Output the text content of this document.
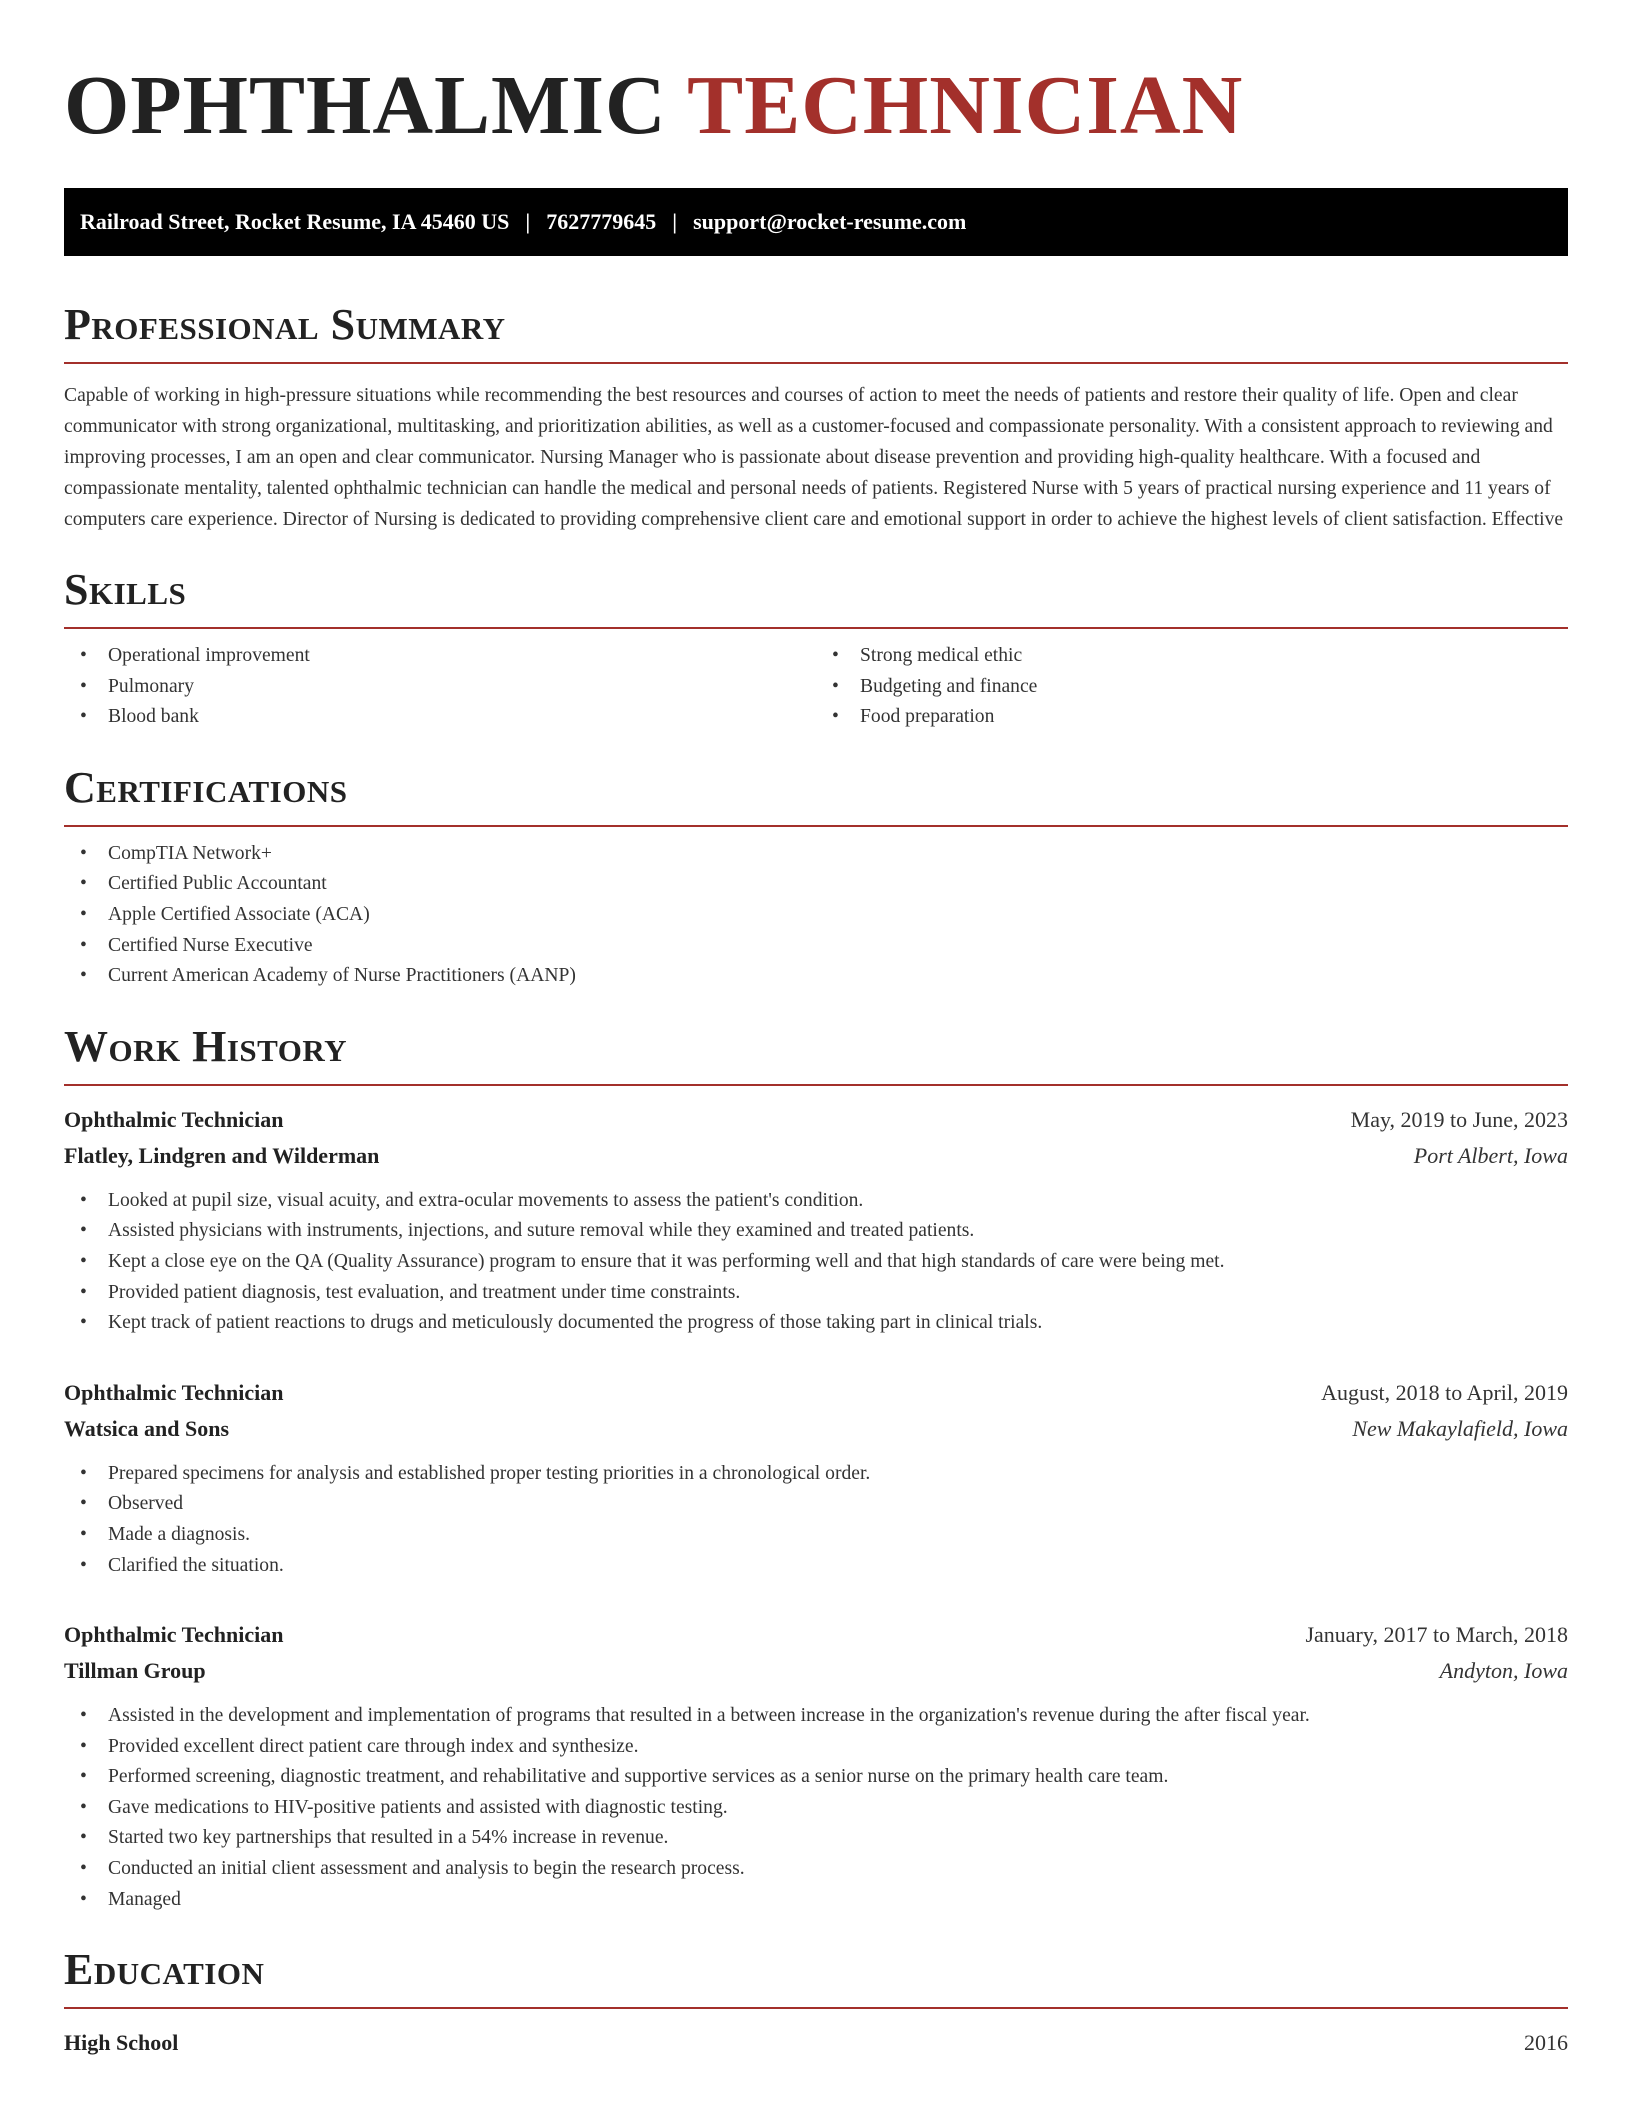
OPHTHALMIC TECHNICIAN
Railroad Street, Rocket Resume, IA 45460 US | 7627779645 | support@rocket-resume.com
Professional Summary

Capable of working in high-pressure situations while recommending the best resources and courses of action to meet the needs of patients and restore their quality of life. Open and clear communicator with strong organizational, multitasking, and prioritization abilities, as well as a customer-focused and compassionate personality. With a consistent approach to reviewing and improving processes, I am an open and clear communicator. Nursing Manager who is passionate about disease prevention and providing high-quality healthcare. With a focused and compassionate mentality, talented ophthalmic technician can handle the medical and personal needs of patients. Registered Nurse with 5 years of practical nursing experience and 11 years of computers care experience. Director of Nursing is dedicated to providing comprehensive client care and emotional support in order to achieve the highest levels of client satisfaction. Effective

Skills
• Operational improvement
• Pulmonary
• Blood bank
• Strong medical ethic
• Budgeting and finance
• Food preparation
Certifications
• CompTIA Network+
• Certified Public Accountant
• Apple Certified Associate (ACA)
• Certified Nurse Executive
• Current American Academy of Nurse Practitioners (AANP)
Work History
Ophthalmic Technician	May, 2019 to June, 2023
Flatley, Lindgren and Wilderman	Port Albert, Iowa
• Looked at pupil size, visual acuity, and extra-ocular movements to assess the patient's condition.
• Assisted physicians with instruments, injections, and suture removal while they examined and treated patients.
• Kept a close eye on the QA (Quality Assurance) program to ensure that it was performing well and that high standards of care were being met.
• Provided patient diagnosis, test evaluation, and treatment under time constraints.
• Kept track of patient reactions to drugs and meticulously documented the progress of those taking part in clinical trials.
Ophthalmic Technician	August, 2018 to April, 2019
Watsica and Sons	New Makaylafield, Iowa
• Prepared specimens for analysis and established proper testing priorities in a chronological order.
• Observed
• Made a diagnosis.
• Clarified the situation.
Ophthalmic Technician	January, 2017 to March, 2018
Tillman Group	Andyton, Iowa
• Assisted in the development and implementation of programs that resulted in a between increase in the organization's revenue during the after fiscal year.
• Provided excellent direct patient care through index and synthesize.
• Performed screening, diagnostic treatment, and rehabilitative and supportive services as a senior nurse on the primary health care team.
• Gave medications to HIV-positive patients and assisted with diagnostic testing.
• Started two key partnerships that resulted in a 54% increase in revenue.
• Conducted an initial client assessment and analysis to begin the research process.
• Managed
Education
High School	2016
